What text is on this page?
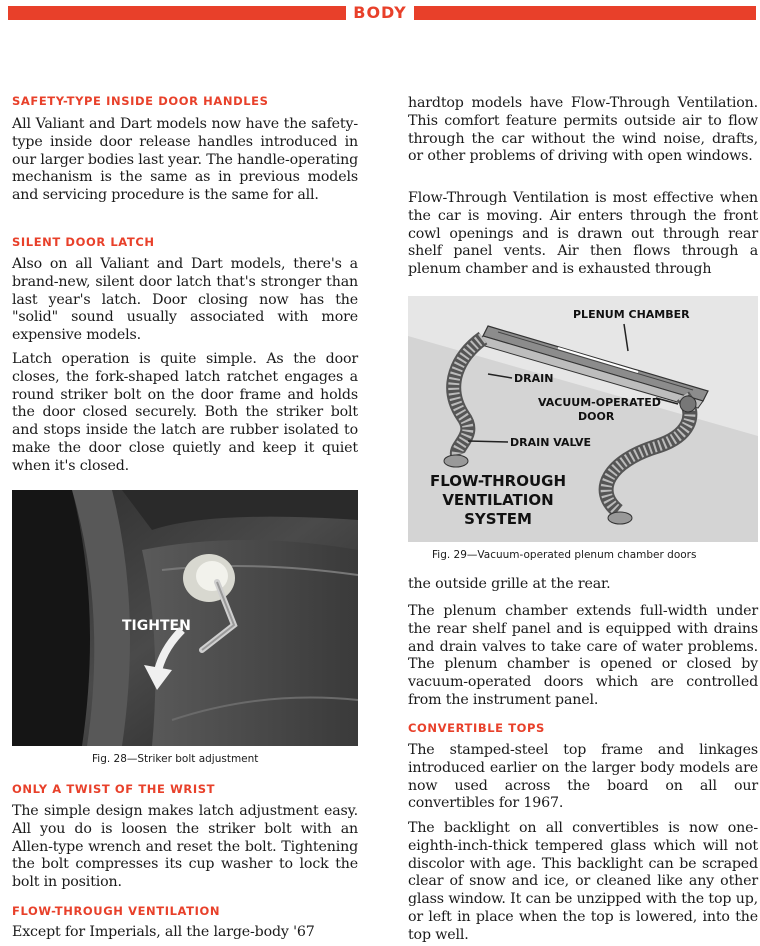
BODY
SAFETY-TYPE INSIDE DOOR HANDLES
All Valiant and Dart models now have the safety-type inside door release handles introduced in our larger bodies last year. The handle-operating mechanism is the same as in previous models and servicing procedure is the same for all.
SILENT DOOR LATCH
Also on all Valiant and Dart models, there's a brand-new, silent door latch that's stronger than last year's latch. Door closing now has the "solid" sound usually associated with more expensive models.
Latch operation is quite simple. As the door closes, the fork-shaped latch ratchet engages a round striker bolt on the door frame and holds the door closed securely. Both the striker bolt and stops inside the latch are rubber isolated to make the door close quietly and keep it quiet when it's closed.
TIGHTEN
Fig. 28—Striker bolt adjustment
ONLY A TWIST OF THE WRIST
The simple design makes latch adjustment easy. All you do is loosen the striker bolt with an Allen-type wrench and reset the bolt. Tightening the bolt compresses its cup washer to lock the bolt in position.
FLOW-THROUGH VENTILATION
Except for Imperials, all the large-body '67
hardtop models have Flow-Through Ventilation. This comfort feature permits outside air to flow through the car without the wind noise, drafts, or other problems of driving with open windows.
Flow-Through Ventilation is most effective when the car is moving. Air enters through the front cowl openings and is drawn out through rear shelf panel vents. Air then flows through a plenum chamber and is exhausted through
PLENUM CHAMBER
DRAIN
VACUUM-OPERATED
DOOR
DRAIN VALVE
FLOW-THROUGH
VENTILATION
SYSTEM
Fig. 29—Vacuum-operated plenum chamber doors
the outside grille at the rear.
The plenum chamber extends full-width under the rear shelf panel and is equipped with drains and drain valves to take care of water problems. The plenum chamber is opened or closed by vacuum-operated doors which are controlled from the instrument panel.
CONVERTIBLE TOPS
The stamped-steel top frame and linkages introduced earlier on the larger body models are now used across the board on all our convertibles for 1967.
The backlight on all convertibles is now one-eighth-inch-thick tempered glass which will not discolor with age. This backlight can be scraped clear of snow and ice, or cleaned like any other glass window. It can be unzipped with the top up, or left in place when the top is lowered, into the top well.
